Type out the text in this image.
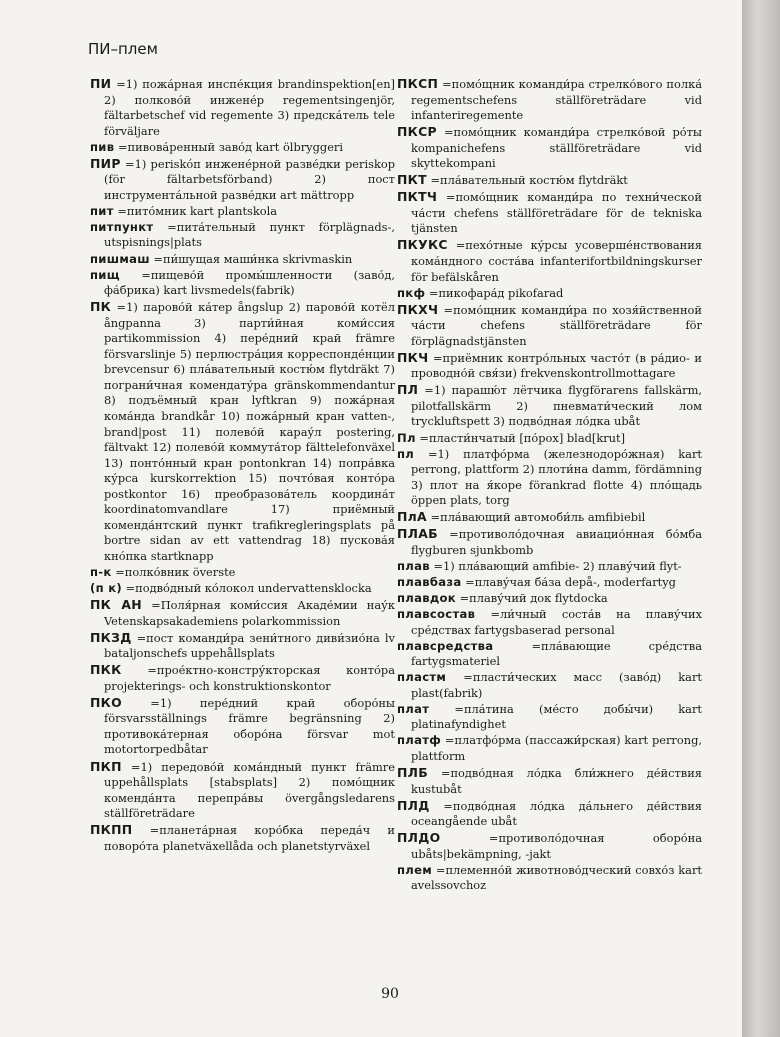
ПИ–плем

ПИ =1) пожа́рная инспе́кция brandinspektion[en] 2) полково́й инжене́р regementsingenjör, fältarbetschef vid regemente 3) предска́тель tele förväljare

пив =пивова́ренный заво́д kart ölbryggeri

ПИР =1) periskóп инжене́рной разве́дки periskop (för fältarbetsförband) 2) пост инструмента́льной разве́дки art mättropp

пит =пито́мник kart plantskola

питпункт =пита́тельный пункт förplägnads-, utspisnings|plats

пишмаш =пи́шущая маши́нка skrivmaskin

пищ =пищево́й промы́шленности (заво́д, фа́брика) kart livsmedels(fabrik)

ПК =1) парово́й ка́тер ångslup 2) парово́й котёл ångpanna 3) парти́йная коми́ссия partikommission 4) пере́дний край främre försvarslinje 5) перлюстра́ция корреспонде́нции brevcensur 6) пла́вательный костю́м flytdräkt 7) пограни́чная комендату́ра gränskommendantur 8) подъёмный кран lyftkran 9) пожа́рная кома́нда brandkår 10) пожа́рный кран vatten-, brand|post 11) полево́й карау́л postering, fältvakt 12) полево́й коммута́тор fälttelefonväxel 13) понто́нный кран pontonkran 14) попра́вка ку́рса kurskorrektion 15) почто́вая конто́ра postkontor 16) преобразова́тель координа́т koordinatomvandlare 17) приёмный коменда́нтский пункт trafikregleringsplats på bortre sidan av ett vattendrag 18) пускова́я кно́пка startknapp

п-к =полко́вник överste

(п к) =подво́дный ко́локол undervattensklocka

ПК АН =Поля́рная коми́ссия Акаде́мии нау́к Vetenskapsakademiens polarkommission

ПКЗД =пост команди́ра зени́тного диви́зио́на lv bataljonschefs uppehållsplats

ПКК =прое́ктно-констру́кторская конто́ра projekterings- och konstruktionskontor

ПКО =1) пере́дний край оборо́ны försvarsställnings främre begränsning 2) противока́терная оборо́на försvar mot motortorpedbåtar

ПКП =1) передово́й кома́ндный пункт främre uppehållsplats [stabsplats] 2) помо́щник коменда́нта перепра́вы övergångsledarens ställföreträdare

ПКПП =планета́рная коро́бка переда́ч и поворо́та planetväxellåda och planetstyrväxel

ПКСП =помо́щник команди́ра стрелко́вого полка́ regementschefens ställföreträdare vid infanteriregemente

ПКСР =помо́щник команди́ра стрелко́вой ро́ты kompanichefens ställföreträdare vid skyttekompani

ПКТ =пла́вательный костю́м flytdräkt

ПКТЧ =помо́щник команди́ра по техни́ческой ча́сти chefens ställföreträdare för de tekniska tjänsten

ПКУКС =пехо́тные ку́рсы усоверше́нствования кома́ндного соста́ва infanterifortbildningskurser för befälskåren

пкф =пикофара́д pikofarad

ПКХЧ =помо́щник команди́ра по хозя́йственной ча́сти chefens ställföreträdare för förplägnadstjänsten

ПКЧ =приёмник контро́льных часто́т (в ра́дио- и проводно́й свя́зи) frekvenskontrollmottagare

ПЛ =1) парашю́т лётчика flygförarens fallskärm, pilotfallskärm 2) пневмати́ческий лом tryckluftspett 3) подво́дная ло́дка ubåt

Пл =пласти́нчатый [по́рох] blad[krut]

пл =1) платфо́рма (железнодоро́жная) kart perrong, plattform 2) плоти́на damm, fördämning 3) плот на я́коре förankrad flotte 4) пло́щадь öppen plats, torg

ПлА =пла́вающий автомоби́ль amfibiebil

ПЛАБ =противоло́дочная авиацио́нная бо́мба flygburen sjunkbomb

плав =1) пла́вающий amfibie- 2) плаву́чий flyt-

плавбаза =плаву́чая ба́за depå-, moderfartyg

плавдок =плаву́чий док flytdocka

плавсостав =ли́чный соста́в на плаву́чих сре́дствах fartygsbaserad personal

плавсредства =пла́вающие сре́дства fartygsmateriel

пластм =пласти́ческих масс (заво́д) kart plast(fabrik)

плат =пла́тина (ме́сто добы́чи) kart platinafyndighet

платф =платфо́рма (пассажи́рская) kart perrong, plattform

ПЛБ =подво́дная ло́дка бли́жнего де́йствия kustubåt

ПЛД =подво́дная ло́дка да́льнего де́йствия oceangående ubåt

ПЛДО =противоло́дочная оборо́на ubåts|bekämpning, -jakt

плем =племенно́й животново́дческий совхо́з kart avelssovchoz

90
